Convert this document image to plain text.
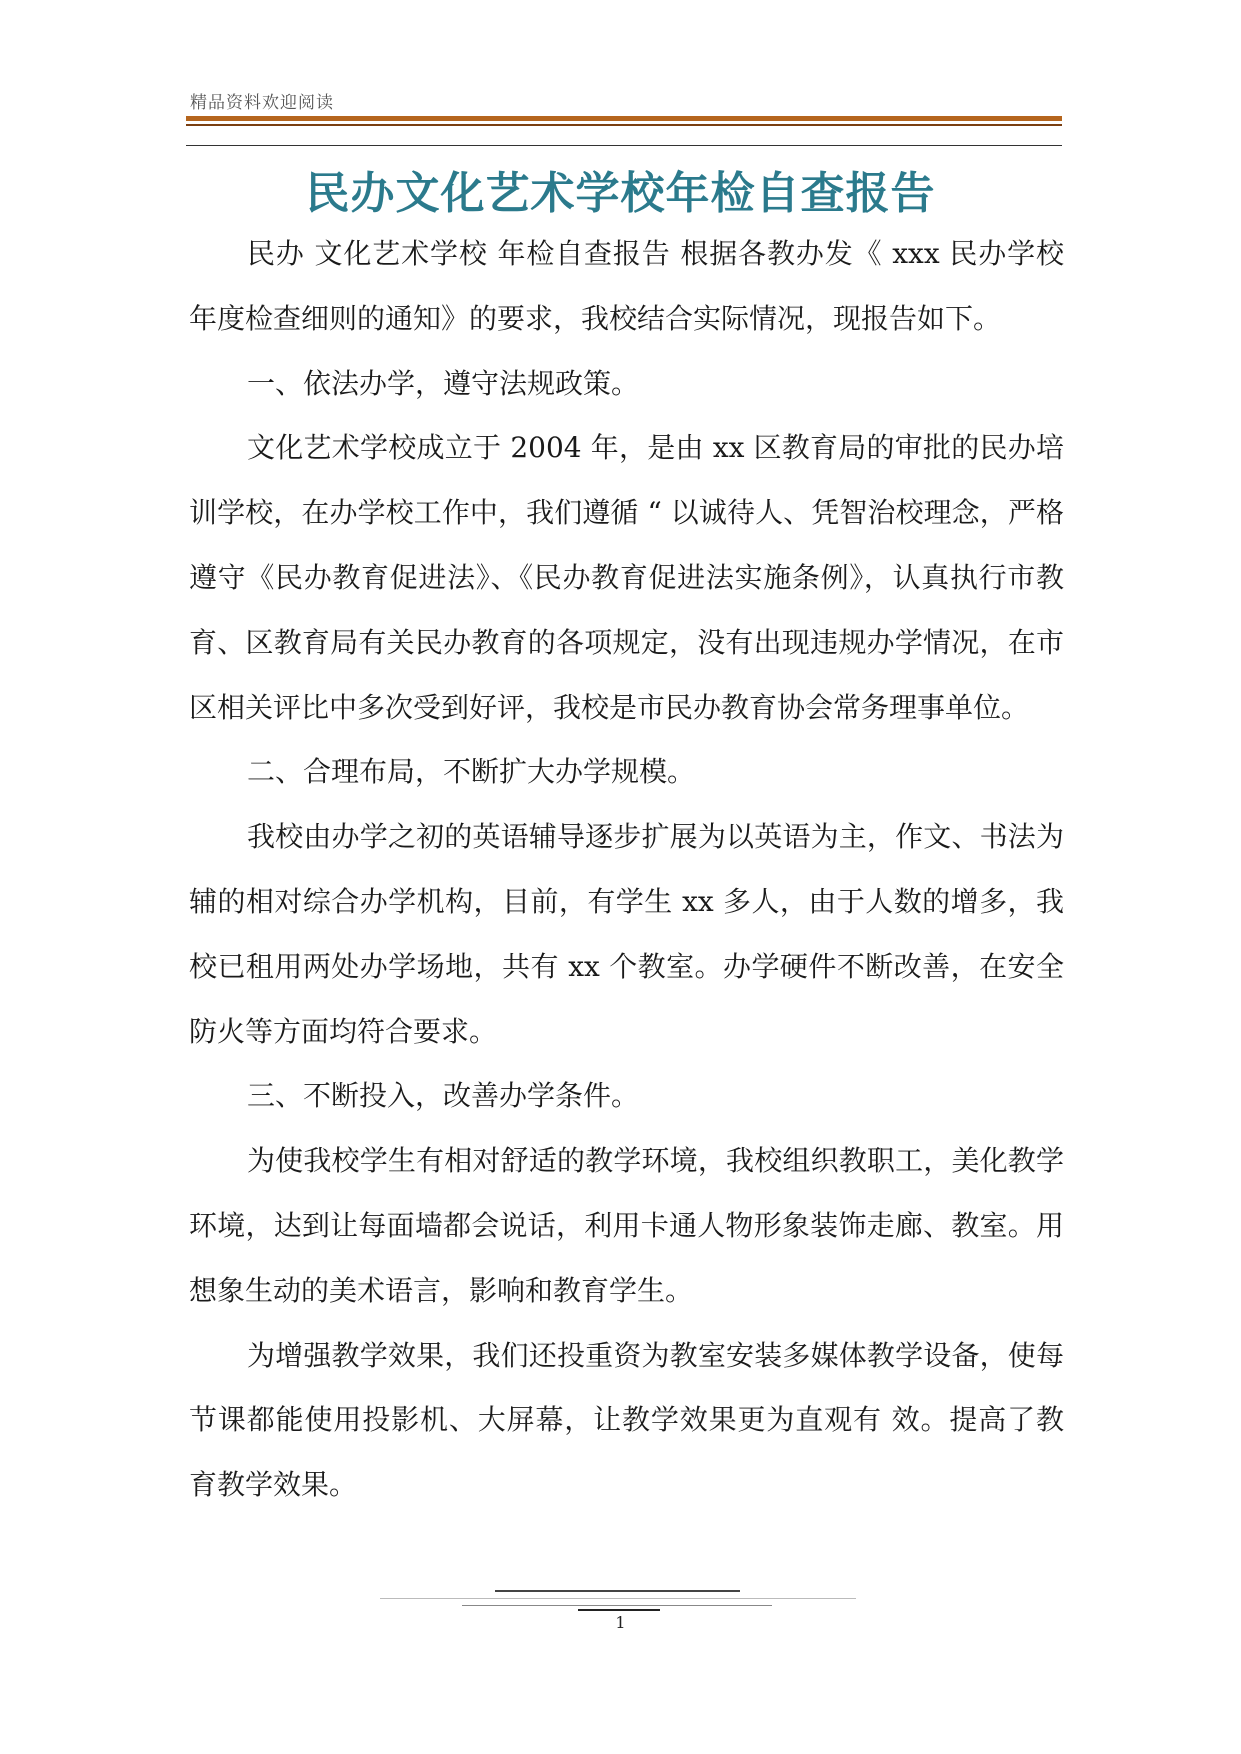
精品资料欢迎阅读
民办文化艺术学校年检自查报告

民办 文化艺术学校 年检自查报告 根据各教办发《 xxx 民办学校年度检查细则的通知》的要求，我校结合实际情况，现报告如下。

一、依法办学，遵守法规政策。

文化艺术学校成立于 2004 年，是由 xx 区教育局的审批的民办培训学校，在办学校工作中，我们遵循 “ 以诚待人、凭智治校理念，严格遵守《民办教育促进法》、《民办教育促进法实施条例》，认真执行市教育、区教育局有关民办教育的各项规定，没有出现违规办学情况，在市区相关评比中多次受到好评，我校是市民办教育协会常务理事单位。

二、合理布局，不断扩大办学规模。

我校由办学之初的英语辅导逐步扩展为以英语为主，作文、书法为辅的相对综合办学机构，目前，有学生 xx 多人，由于人数的增多，我校已租用两处办学场地，共有 xx 个教室。办学硬件不断改善，在安全防火等方面均符合要求。

三、不断投入，改善办学条件。

为使我校学生有相对舒适的教学环境，我校组织教职工，美化教学环境，达到让每面墙都会说话，利用卡通人物形象装饰走廊、教室。用想象生动的美术语言，影响和教育学生。

为增强教学效果，我们还投重资为教室安装多媒体教学设备，使每节课都能使用投影机、大屏幕，让教学效果更为直观有 效。提高了教育教学效果。

1
